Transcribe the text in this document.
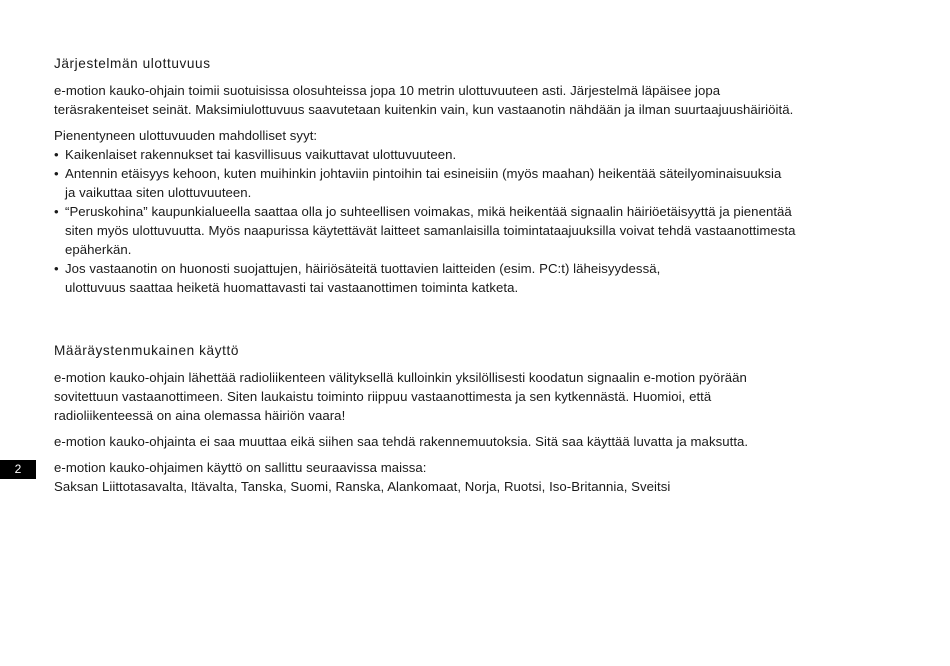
Järjestelmän ulottuvuus

e-motion kauko-ohjain toimii suotuisissa olosuhteissa jopa 10 metrin ulottuvuuteen asti. Järjestelmä läpäisee jopa
teräsrakenteiset seinät. Maksimiulottuvuus saavutetaan kuitenkin vain, kun vastaanotin nähdään ja ilman suurtaajuushäiriöitä.

Pienentyneen ulottuvuuden mahdolliset syyt:

• Kaikenlaiset rakennukset tai kasvillisuus vaikuttavat ulottuvuuteen.
• Antennin etäisyys kehoon, kuten muihinkin johtaviin pintoihin tai esineisiin (myös maahan) heikentää säteilyominaisuuksia
ja vaikuttaa siten ulottuvuuteen.
• “Peruskohina” kaupunkialueella saattaa olla jo suhteellisen voimakas, mikä heikentää signaalin häiriöetäisyyttä ja pienentää
siten myös ulottuvuutta. Myös naapurissa käytettävät laitteet samanlaisilla toimintataajuuksilla voivat tehdä vastaanottimesta
epäherkän.
• Jos vastaanotin on huonosti suojattujen, häiriösäteitä tuottavien laitteiden (esim. PC:t) läheisyydessä,
ulottuvuus saattaa heiketä huomattavasti tai vastaanottimen toiminta katketa.
Määräystenmukainen käyttö

e-motion kauko-ohjain lähettää radioliikenteen välityksellä kulloinkin yksilöllisesti koodatun signaalin e-motion pyörään
sovitettuun vastaanottimeen. Siten laukaistu toiminto riippuu vastaanottimesta ja sen kytkennästä. Huomioi, että
radioliikenteessä on aina olemassa häiriön vaara!

e-motion kauko-ohjainta ei saa muuttaa eikä siihen saa tehdä rakennemuutoksia. Sitä saa käyttää luvatta ja maksutta.

e-motion kauko-ohjaimen käyttö on sallittu seuraavissa maissa:
Saksan Liittotasavalta, Itävalta, Tanska, Suomi, Ranska, Alankomaat, Norja, Ruotsi, Iso-Britannia, Sveitsi

2
